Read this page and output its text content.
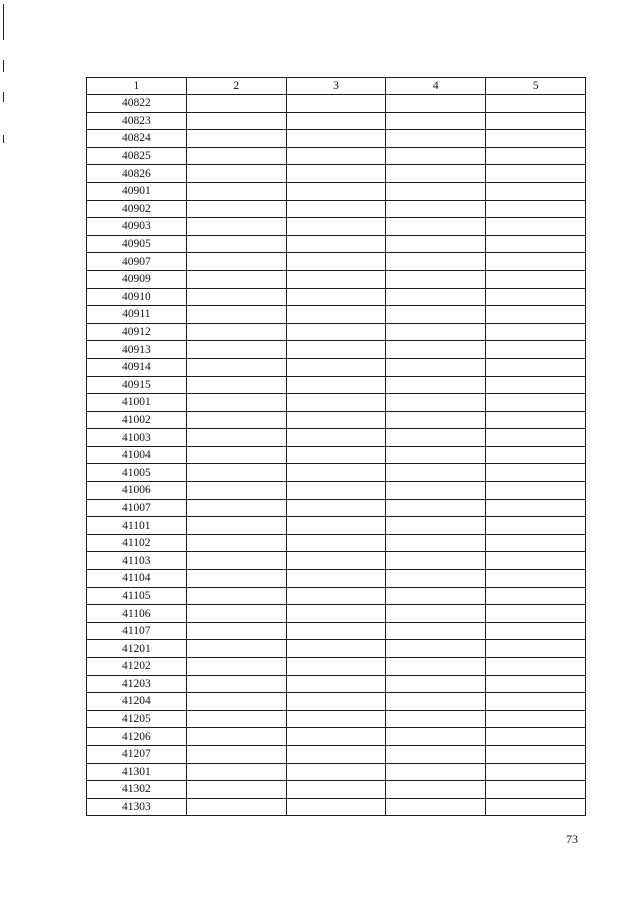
1	2	3	4	5
40822				
40823				
40824				
40825				
40826				
40901				
40902				
40903				
40905				
40907				
40909				
40910				
40911				
40912				
40913				
40914				
40915				
41001				
41002				
41003				
41004				
41005				
41006				
41007				
41101				
41102				
41103				
41104				
41105				
41106				
41107				
41201				
41202				
41203				
41204				
41205				
41206				
41207				
41301				
41302				
41303				
73
